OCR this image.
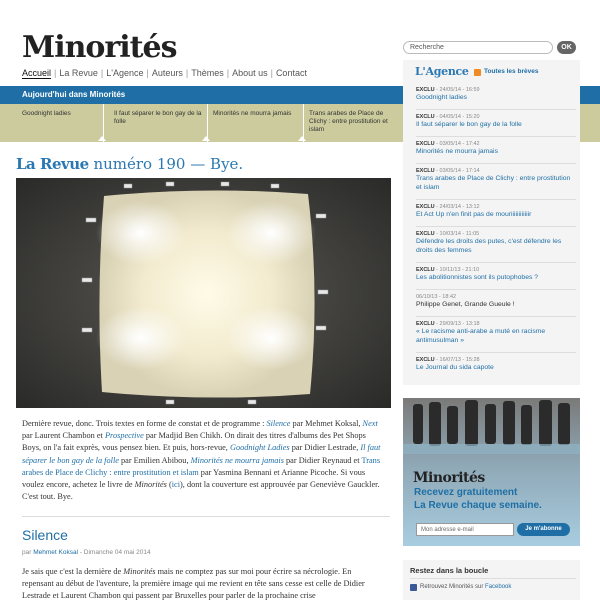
Minorités
Accueil | La Revue | L'Agence | Auteurs | Thèmes | About us | Contact
Recherche	OK
Aujourd'hui dans Minorités
Goodnight ladies	Il faut séparer le bon gay de la folle
Minorités ne mourra jamais	Trans arabes de Place de Clichy : entre prostitution et islam
La Revue numéro 190 — Bye.

Dernière revue, donc. Trois textes en forme de constat et de programme : Silence par Mehmet Koksal, Next par Laurent Chambon et Prospective par Madjid Ben Chikh. On dirait des titres d'albums des Pet Shops Boys, on l'a fait exprès, vous pensez bien. Et puis, hors-revue, Goodnight Ladies par Didier Lestrade, Il faut séparer le bon gay de la folle par Emilien Abibou, Minorités ne mourra jamais par Didier Reynaud et Trans arabes de Place de Clichy : entre prostitution et islam par Yasmina Bennani et Arianne Picoche. Si vous voulez encore, achetez le livre de Minorités (ici), dont la couverture est approuvée par Geneviève Gauckler. C'est tout. Bye.

Silence
par Mehmet Koksal - Dimanche 04 mai 2014

Je sais que c'est la dernière de Minorités mais ne comptez pas sur moi pour écrire sa nécrologie. En repensant au début de l'aventure, la première image qui me revient en tête sans cesse est celle de Didier Lestrade et Laurent Chambon qui passent par Bruxelles pour parler de la prochaine crise

L'Agence Toutes les brèves
EXCLU - 24/05/14 - 16:59
Goodnight ladies
EXCLU - 04/05/14 - 15:20
Il faut séparer le bon gay de la folle
EXCLU - 03/05/14 - 17:42
Minorités ne mourra jamais
EXCLU - 03/05/14 - 17:14
Trans arabes de Place de Clichy : entre prostitution et islam
EXCLU - 24/03/14 - 13:12
Et Act Up n'en finit pas de mouriiiiiiiiiiiir
EXCLU - 10/03/14 - 11:05
Défendre les droits des putes, c'est défendre les droits des femmes
EXCLU - 10/11/13 - 21:10
Les abolitionnistes sont ils putophobes ?
06/10/13 - 18:42
Philippe Genet, Grande Gueule !
EXCLU - 29/09/13 - 13:18
« Le racisme anti-arabe a muté en racisme antimusulman »
EXCLU - 16/07/13 - 15:28
Le Journal du sida capote
Minorités
Recevez gratuitement
La Revue chaque semaine.
Mon adresse e-mail	Je m'abonne
Restez dans la boucle
Retrouvez Minorités sur Facebook
